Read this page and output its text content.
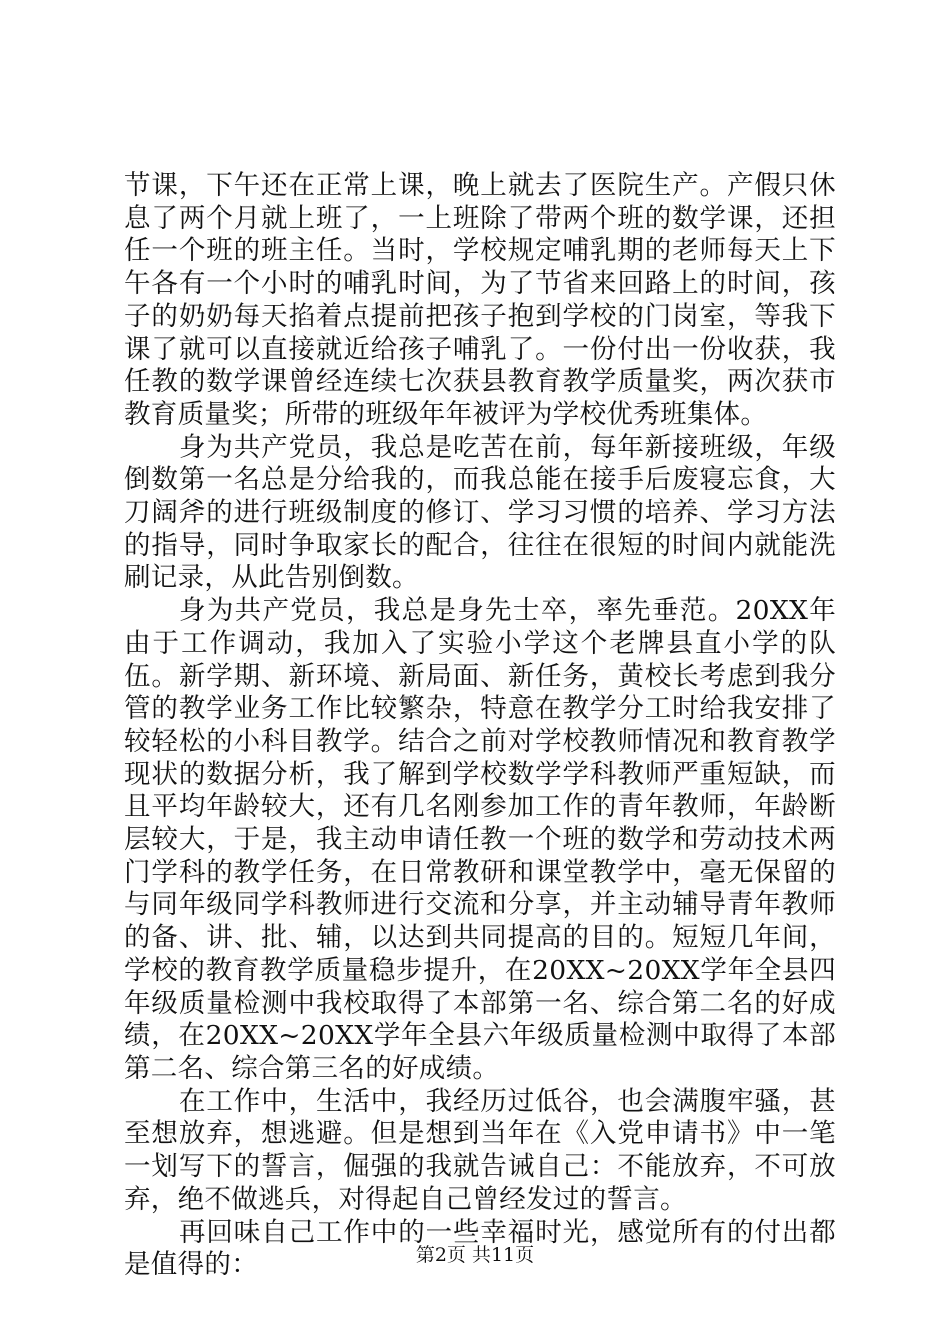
节课，下午还在正常上课，晚上就去了医院生产。产假只休息了两个月就上班了，一上班除了带两个班的数学课，还担任一个班的班主任。当时，学校规定哺乳期的老师每天上下午各有一个小时的哺乳时间，为了节省来回路上的时间，孩子的奶奶每天掐着点提前把孩子抱到学校的门岗室，等我下课了就可以直接就近给孩子哺乳了。一份付出一份收获，我任教的数学课曾经连续七次获县教育教学质量奖，两次获市教育质量奖；所带的班级年年被评为学校优秀班集体。

身为共产党员，我总是吃苦在前，每年新接班级，年级倒数第一名总是分给我的，而我总能在接手后废寝忘食，大刀阔斧的进行班级制度的修订、学习习惯的培养、学习方法的指导，同时争取家长的配合，往往在很短的时间内就能洗刷记录，从此告别倒数。

身为共产党员，我总是身先士卒，率先垂范。20XX年由于工作调动，我加入了实验小学这个老牌县直小学的队伍。新学期、新环境、新局面、新任务，黄校长考虑到我分管的教学业务工作比较繁杂，特意在教学分工时给我安排了较轻松的小科目教学。结合之前对学校教师情况和教育教学现状的数据分析，我了解到学校数学学科教师严重短缺，而且平均年龄较大，还有几名刚参加工作的青年教师，年龄断层较大，于是，我主动申请任教一个班的数学和劳动技术两门学科的教学任务，在日常教研和课堂教学中，毫无保留的与同年级同学科教师进行交流和分享，并主动辅导青年教师的备、讲、批、辅，以达到共同提高的目的。短短几年间，学校的教育教学质量稳步提升，在20XX~20XX学年全县四年级质量检测中我校取得了本部第一名、综合第二名的好成绩，在20XX~20XX学年全县六年级质量检测中取得了本部第二名、综合第三名的好成绩。

在工作中，生活中，我经历过低谷，也会满腹牢骚，甚至想放弃，想逃避。但是想到当年在《入党申请书》中一笔一划写下的誓言，倔强的我就告诫自己：不能放弃，不可放弃，绝不做逃兵，对得起自己曾经发过的誓言。

再回味自己工作中的一些幸福时光，感觉所有的付出都是值得的：	第2页 共11页
